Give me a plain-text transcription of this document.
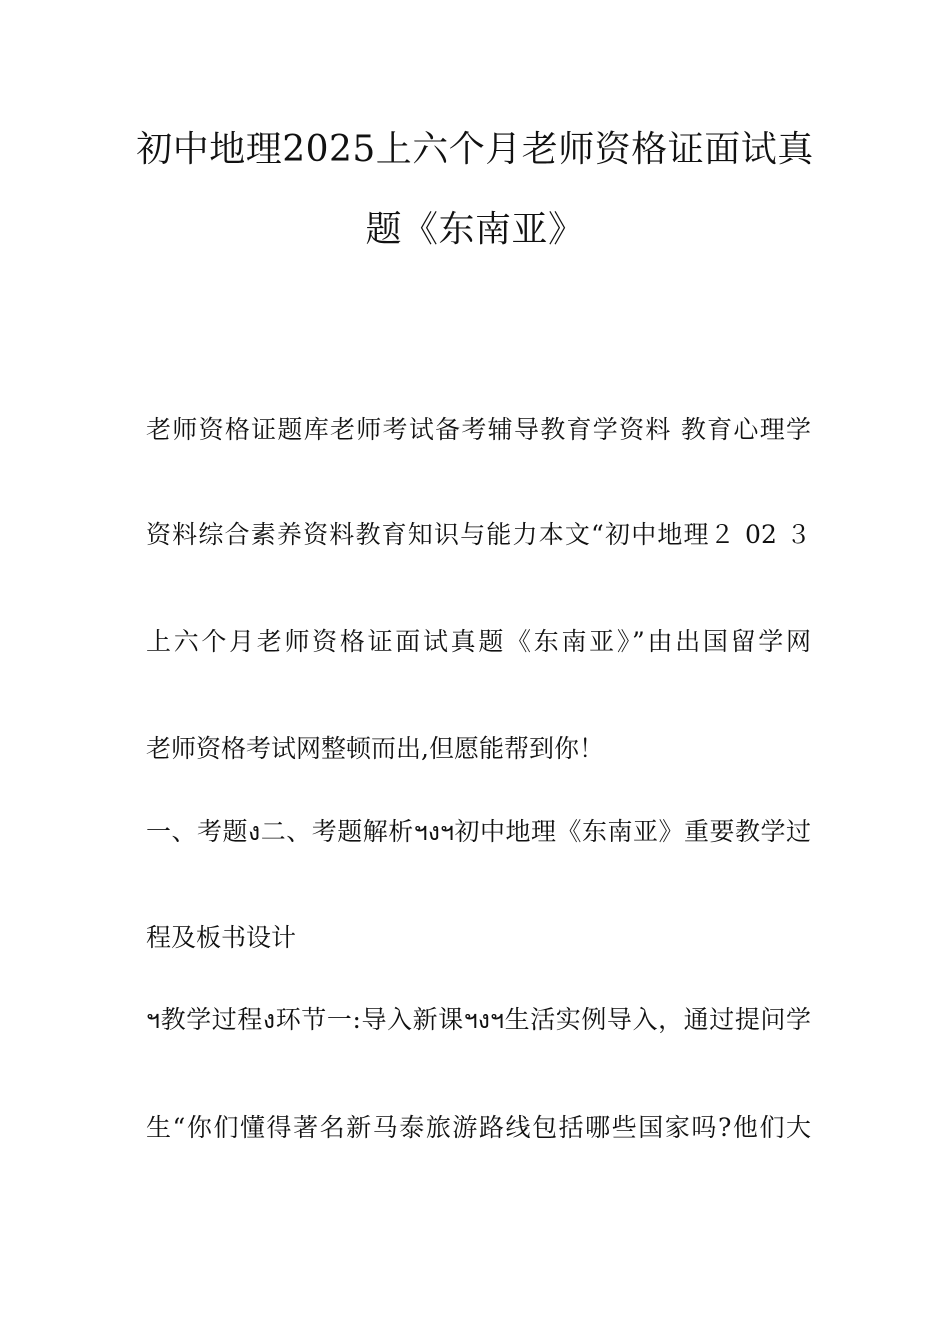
初中地理2025上六个月老师资格证面试真
题《东南亚》
老师资格证题库老师考试备考辅导教育学资料 教育心理学
资料综合素养资料教育知识与能力本文“初中地理２ 02 ３
上六个月老师资格证面试真题《东南亚》”由出国留学网
老师资格考试网整顿而出,但愿能帮到你！
一、考题ง二、考题解析ฯงฯ初中地理《东南亚》重要教学过
程及板书设计
ฯ教学过程ง环节一:导入新课ฯงฯ生活实例导入，通过提问学
生“你们懂得著名新马泰旅游路线包括哪些国家吗?他们大
